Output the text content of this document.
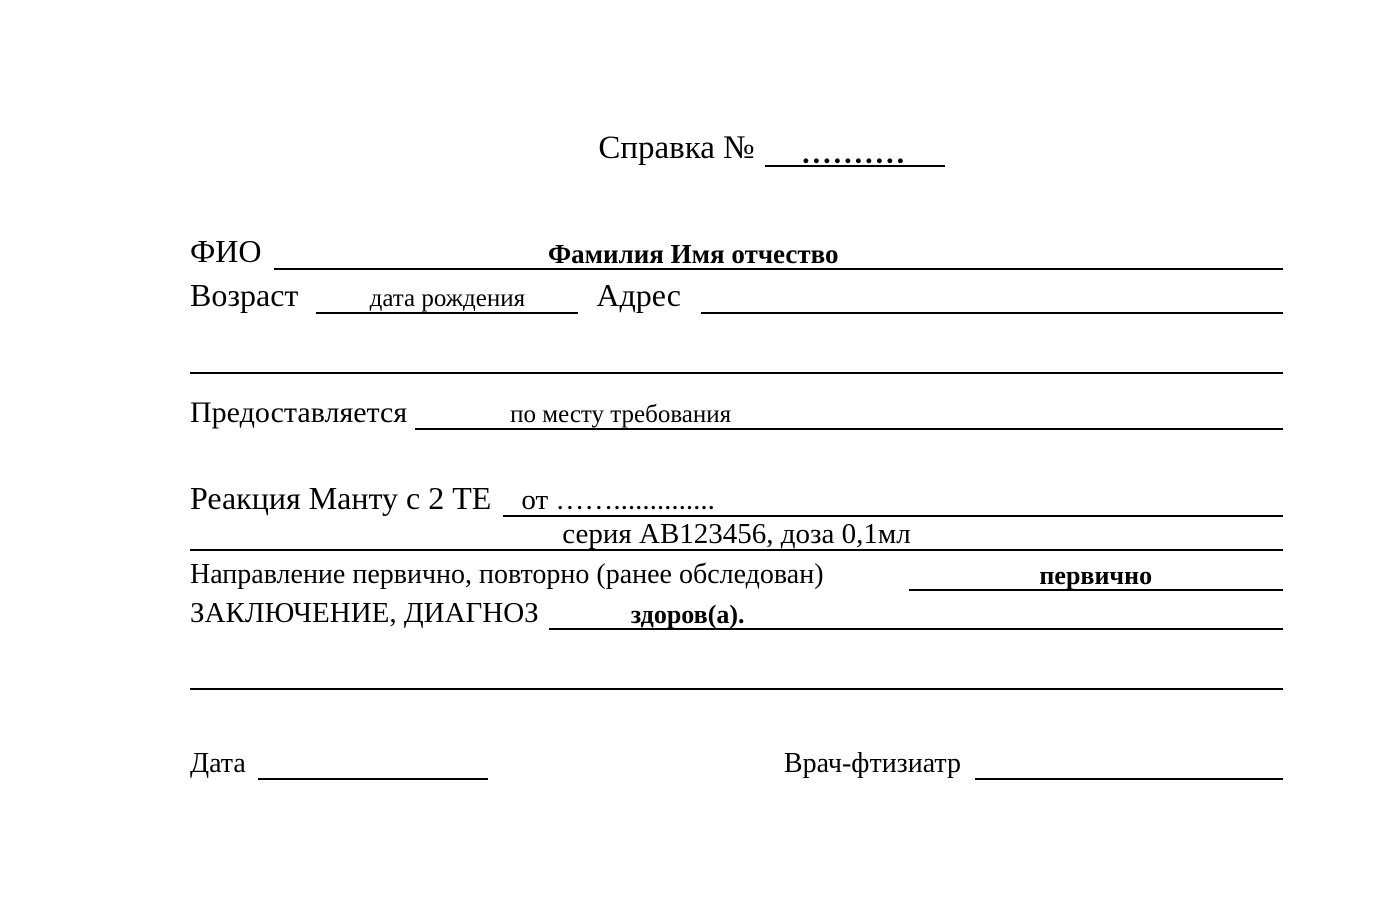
Справка № ..........
ФИО	Фамилия Имя отчество
Возраст	дата рождения Адрес
Предоставляется	по месту требования
Реакция Манту с 2 ТЕ от ……..............
серия АВ123456, доза 0,1мл
Направление первично, повторно (ранее обследован)	первично
ЗАКЛЮЧЕНИЕ, ДИАГНОЗ	здоров(а).
Дата	Врач-фтизиатр
